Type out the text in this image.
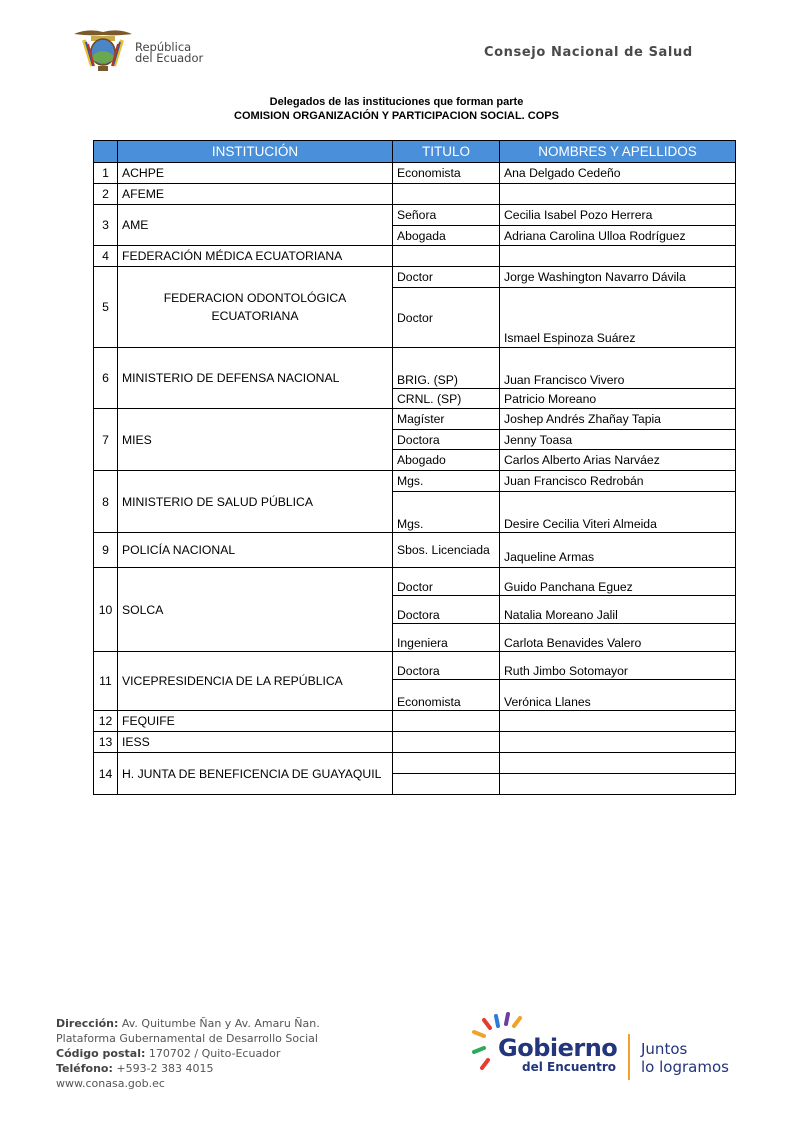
República
del Ecuador	Consejo Nacional de Salud
Delegados de las instituciones que forman parte
COMISION ORGANIZACIÓN Y PARTICIPACION SOCIAL. COPS
	INSTITUCIÓN	TITULO	NOMBRES Y APELLIDOS
1	ACHPE	Economista	Ana Delgado Cedeño
2	AFEME		
3	AME	Señora	Cecilia Isabel Pozo Herrera
		Abogada	Adriana Carolina Ulloa Rodríguez
4	FEDERACIÓN MÉDICA ECUATORIANA		
5	FEDERACION ODONTOLÓGICA ECUATORIANA	Doctor	Jorge Washington Navarro Dávila
		Doctor	Ismael Espinoza Suárez
6	MINISTERIO DE DEFENSA NACIONAL	BRIG. (SP)	Juan Francisco Vivero
		CRNL. (SP)	Patricio Moreano
7	MIES	Magíster	Joshep Andrés Zhañay Tapia
		Doctora	Jenny Toasa
		Abogado	Carlos Alberto Arias Narváez
8	MINISTERIO DE SALUD PÚBLICA	Mgs.	Juan Francisco Redrobán
		Mgs.	Desire Cecilia Viteri Almeida
9	POLICÍA NACIONAL	Sbos. Licenciada	Jaqueline Armas
10	SOLCA	Doctor	Guido Panchana Eguez
		Doctora	Natalia Moreano Jalil
		Ingeniera	Carlota Benavides Valero
11	VICEPRESIDENCIA DE LA REPÚBLICA	Doctora	Ruth Jimbo Sotomayor
		Economista	Verónica Llanes
12	FEQUIFE		
13	IESS		
14	H. JUNTA DE BENEFICENCIA DE GUAYAQUIL		

Dirección: Av. Quitumbe Ñan y Av. Amaru Ñan.
Plataforma Gubernamental de Desarrollo Social
Código postal: 170702 / Quito-Ecuador
Teléfono: +593-2 383 4015
www.conasa.gob.ec
Gobierno
del Encuentro
Juntos
lo logramos
